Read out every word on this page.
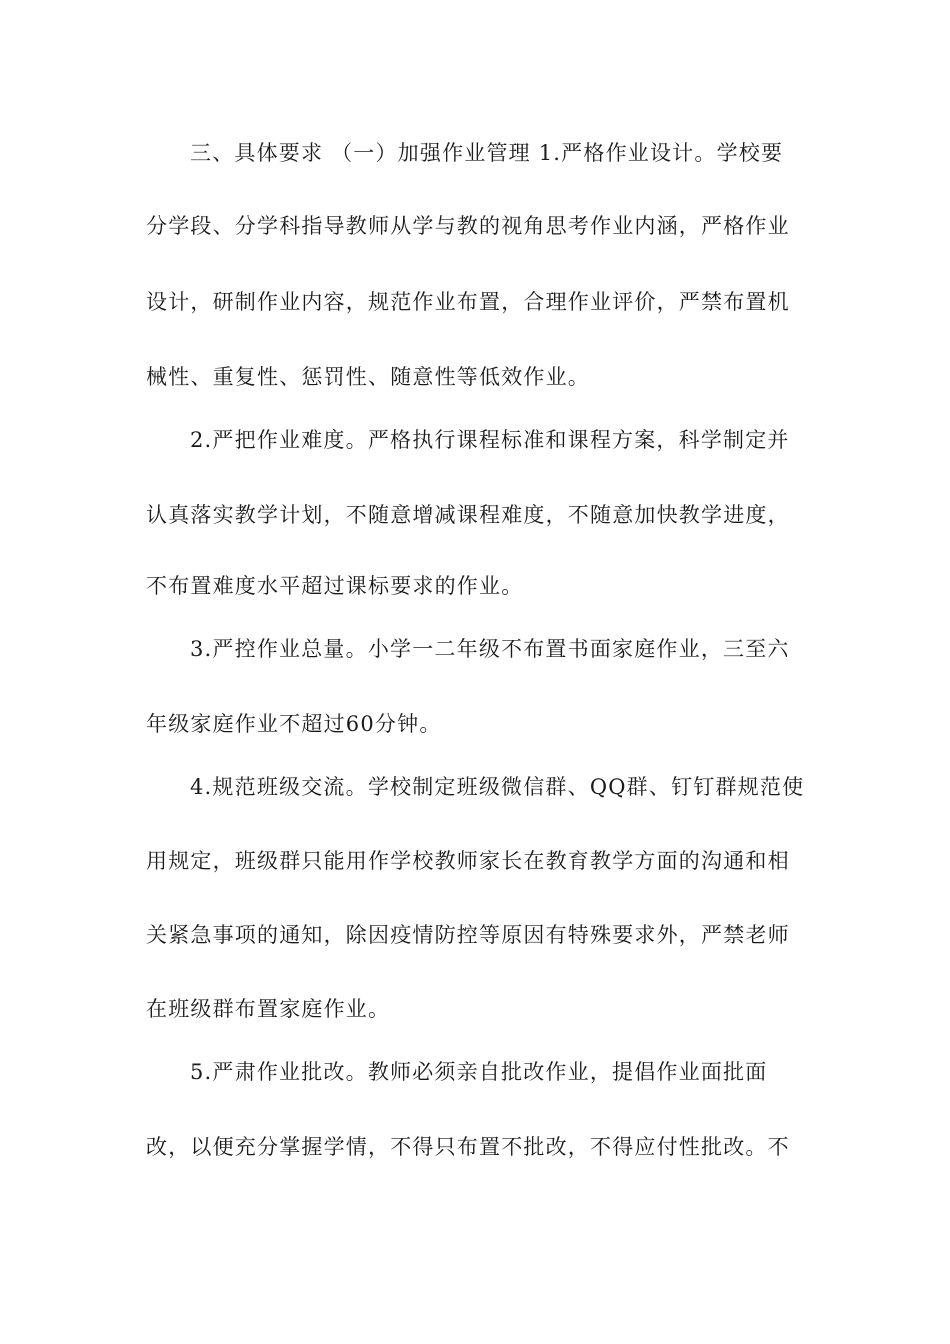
三、具体要求 （一）加强作业管理 1.严格作业设计。学校要
分学段、分学科指导教师从学与教的视角思考作业内涵，严格作业
设计，研制作业内容，规范作业布置，合理作业评价，严禁布置机
械性、重复性、惩罚性、随意性等低效作业。
2.严把作业难度。严格执行课程标准和课程方案，科学制定并
认真落实教学计划，不随意增减课程难度，不随意加快教学进度，
不布置难度水平超过课标要求的作业。
3.严控作业总量。小学一二年级不布置书面家庭作业，三至六
年级家庭作业不超过60分钟。
4.规范班级交流。学校制定班级微信群、QQ群、钉钉群规范使
用规定，班级群只能用作学校教师家长在教育教学方面的沟通和相
关紧急事项的通知，除因疫情防控等原因有特殊要求外，严禁老师
在班级群布置家庭作业。
5.严肃作业批改。教师必须亲自批改作业，提倡作业面批面
改，以便充分掌握学情，不得只布置不批改，不得应付性批改。不
